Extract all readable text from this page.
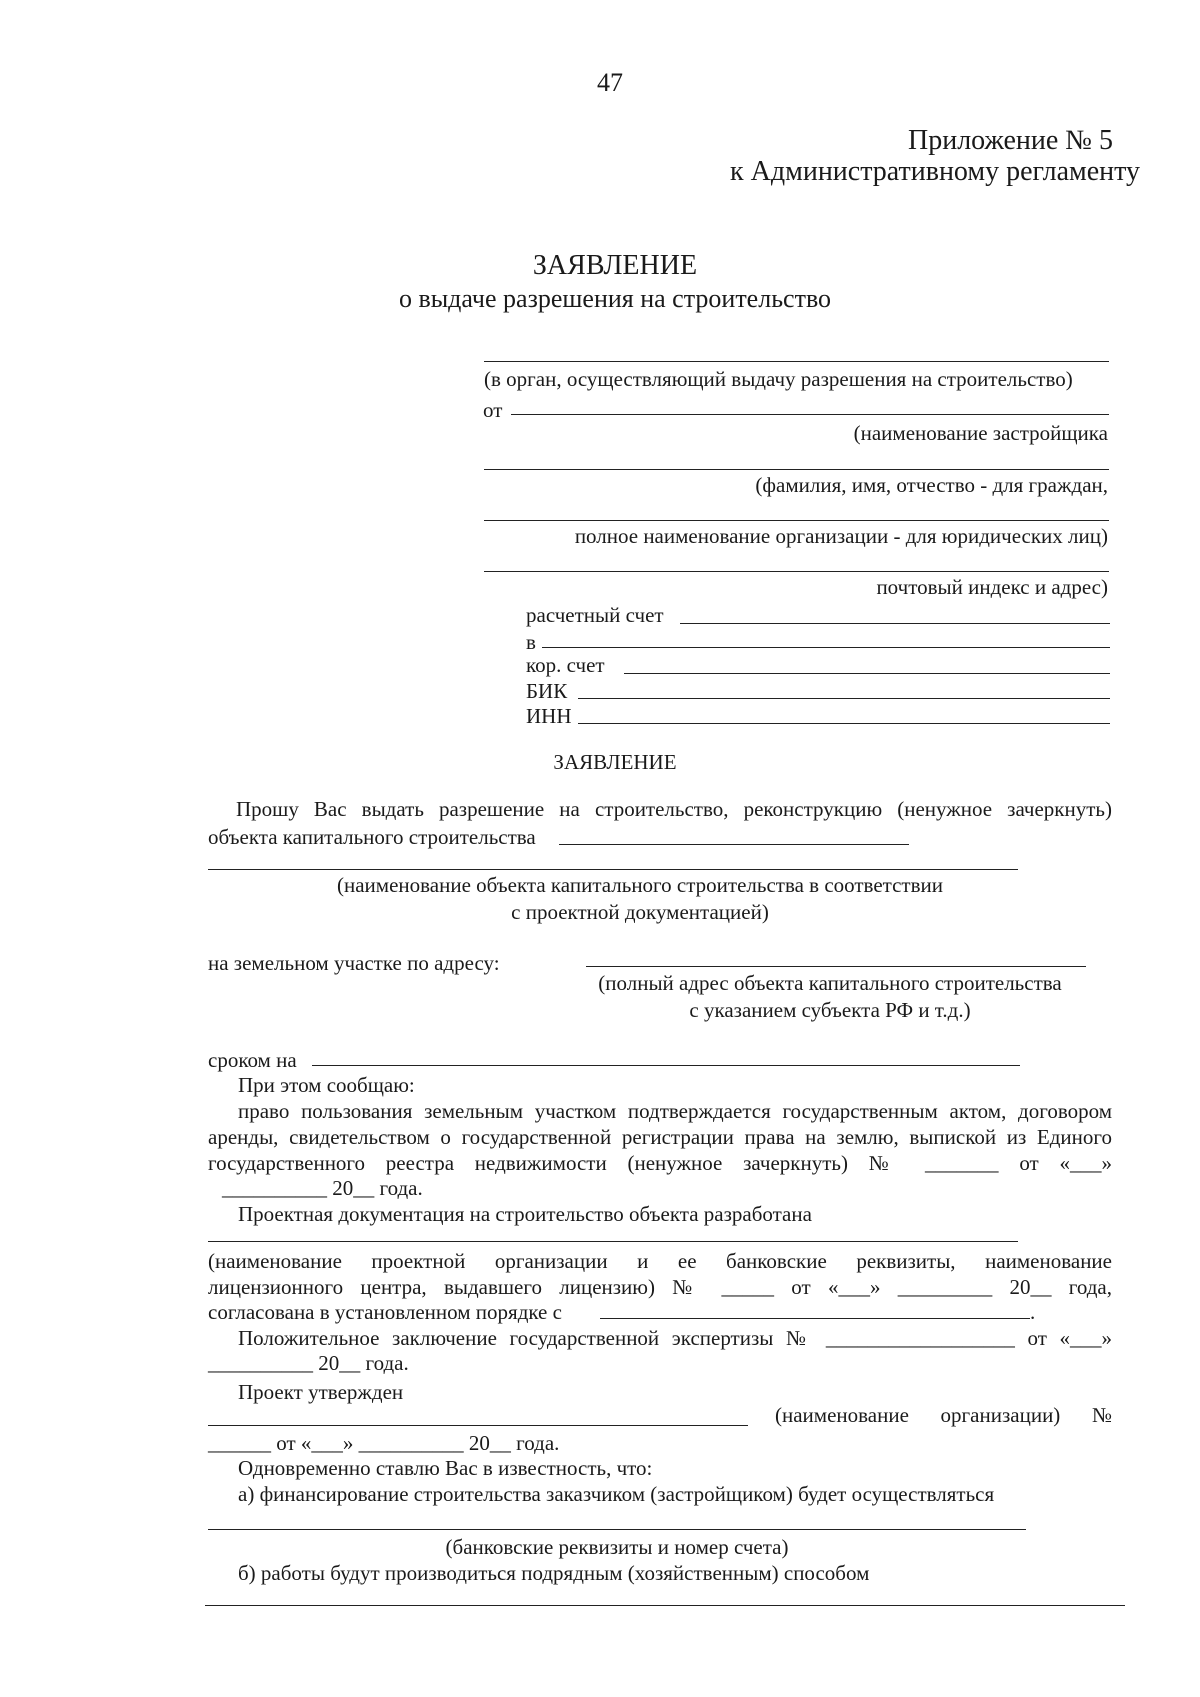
47
Приложение № 5
к Административному регламенту
ЗАЯВЛЕНИЕ
о выдаче разрешения на строительство
(в орган, осуществляющий выдачу разрешения на строительство)
от
(наименование застройщика
(фамилия, имя, отчество - для граждан,
полное наименование организации - для юридических лиц)
почтовый индекс и адрес)
расчетный счет
в
кор. счет
БИК
ИНН
ЗАЯВЛЕНИЕ
Прошу Вас выдать разрешение на строительство, реконструкцию (ненужное зачеркнуть)
объекта капитального строительства
(наименование объекта капитального строительства в соответствии
с проектной документацией)
на земельном участке по адресу:
(полный адрес объекта капитального строительства
с указанием субъекта РФ и т.д.)
сроком на
При этом сообщаю:
право пользования земельным участком подтверждается государственным актом, договором
аренды, свидетельством о государственной регистрации права на землю, выпиской из Единого
государственного реестра недвижимости (ненужное зачеркнуть) № _______ от «___»
__________ 20__ года.
Проектная документация на строительство объекта разработана
(наименование проектной организации и ее банковские реквизиты, наименование
лицензионного центра, выдавшего лицензию) № _____ от «___» _________ 20__ года,
согласована в установленном порядке с	.
Положительное заключение государственной экспертизы № __________________ от «___»
__________ 20__ года.
Проект утвержден
(наименование организации) №
______ от «___» __________ 20__ года.
Одновременно ставлю Вас в известность, что:
а) финансирование строительства заказчиком (застройщиком) будет осуществляться
(банковские реквизиты и номер счета)
б) работы будут производиться подрядным (хозяйственным) способом
